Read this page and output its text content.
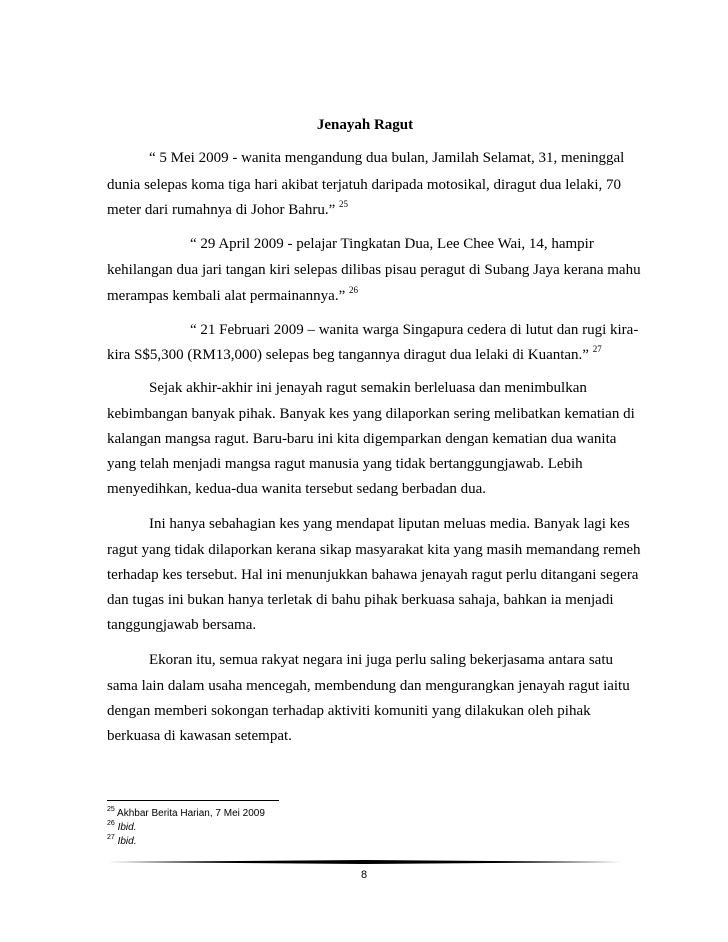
Jenayah Ragut
“ 5 Mei 2009 - wanita mengandung dua bulan, Jamilah Selamat, 31, meninggal
dunia selepas koma tiga hari akibat terjatuh daripada motosikal, diragut dua lelaki, 70
meter dari rumahnya di Johor Bahru.” $^{25}$
“ 29 April 2009 - pelajar Tingkatan Dua, Lee Chee Wai, 14, hampir
kehilangan dua jari tangan kiri selepas dilibas pisau peragut di Subang Jaya kerana mahu
merampas kembali alat permainannya.” $^{26}$
“ 21 Februari 2009 – wanita warga Singapura cedera di lutut dan rugi kira-
kira S$5,300 (RM13,000) selepas beg tangannya diragut dua lelaki di Kuantan.” $^{27}$
Sejak akhir-akhir ini jenayah ragut semakin berleluasa dan menimbulkan
kebimbangan banyak pihak. Banyak kes yang dilaporkan sering melibatkan kematian di
kalangan mangsa ragut. Baru-baru ini kita digemparkan dengan kematian dua wanita
yang telah menjadi mangsa ragut manusia yang tidak bertanggungjawab. Lebih
menyedihkan, kedua-dua wanita tersebut sedang berbadan dua.
Ini hanya sebahagian kes yang mendapat liputan meluas media. Banyak lagi kes
ragut yang tidak dilaporkan kerana sikap masyarakat kita yang masih memandang remeh
terhadap kes tersebut. Hal ini menunjukkan bahawa jenayah ragut perlu ditangani segera
dan tugas ini bukan hanya terletak di bahu pihak berkuasa sahaja, bahkan ia menjadi
tanggungjawab bersama.
Ekoran itu, semua rakyat negara ini juga perlu saling bekerjasama antara satu
sama lain dalam usaha mencegah, membendung dan mengurangkan jenayah ragut iaitu
dengan memberi sokongan terhadap aktiviti komuniti yang dilakukan oleh pihak
berkuasa di kawasan setempat.
$^{25}$ Akhbar Berita Harian, 7 Mei 2009
$^{26}$ Ibid.
$^{27}$ Ibid.
8
